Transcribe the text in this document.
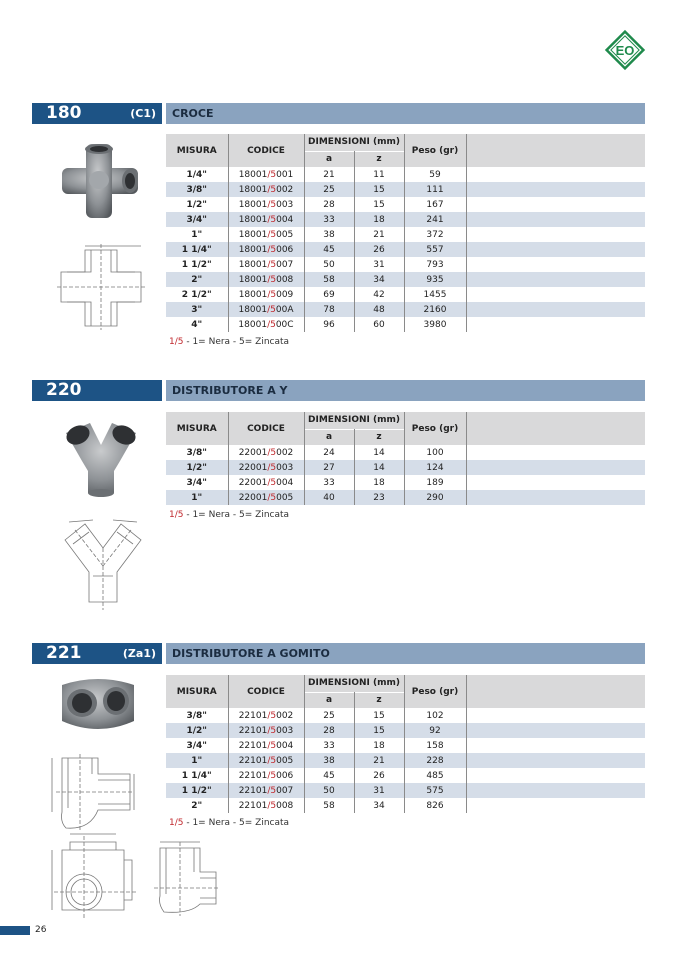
EO
180	(C1) CROCE
MISURA	CODICE	DIMENSIONI (mm)		Peso (gr)	
		a	z		
1/4"	18001/5001	21	11	59	
3/8"	18001/5002	25	15	111	
1/2"	18001/5003	28	15	167	
3/4"	18001/5004	33	18	241	
1"	18001/5005	38	21	372	
1 1/4"	18001/5006	45	26	557	
1 1/2"	18001/5007	50	31	793	
2"	18001/5008	58	34	935	
2 1/2"	18001/5009	69	42	1455	
3"	18001/500A	78	48	2160	
4"	18001/500C	96	60	3980	
1/5 - 1= Nera - 5= Zincata
220	DISTRIBUTORE A Y
MISURA	CODICE	DIMENSIONI (mm)		Peso (gr)	
		a	z		
3/8"	22001/5002	24	14	100	
1/2"	22001/5003	27	14	124	
3/4"	22001/5004	33	18	189	
1"	22001/5005	40	23	290	
1/5 - 1= Nera - 5= Zincata
221	(Za1) DISTRIBUTORE A GOMITO
MISURA	CODICE	DIMENSIONI (mm)		Peso (gr)	
		a	z		
3/8"	22101/5002	25	15	102	
1/2"	22101/5003	28	15	92	
3/4"	22101/5004	33	18	158	
1"	22101/5005	38	21	228	
1 1/4"	22101/5006	45	26	485	
1 1/2"	22101/5007	50	31	575	
2"	22101/5008	58	34	826	
1/5 - 1= Nera - 5= Zincata
26
